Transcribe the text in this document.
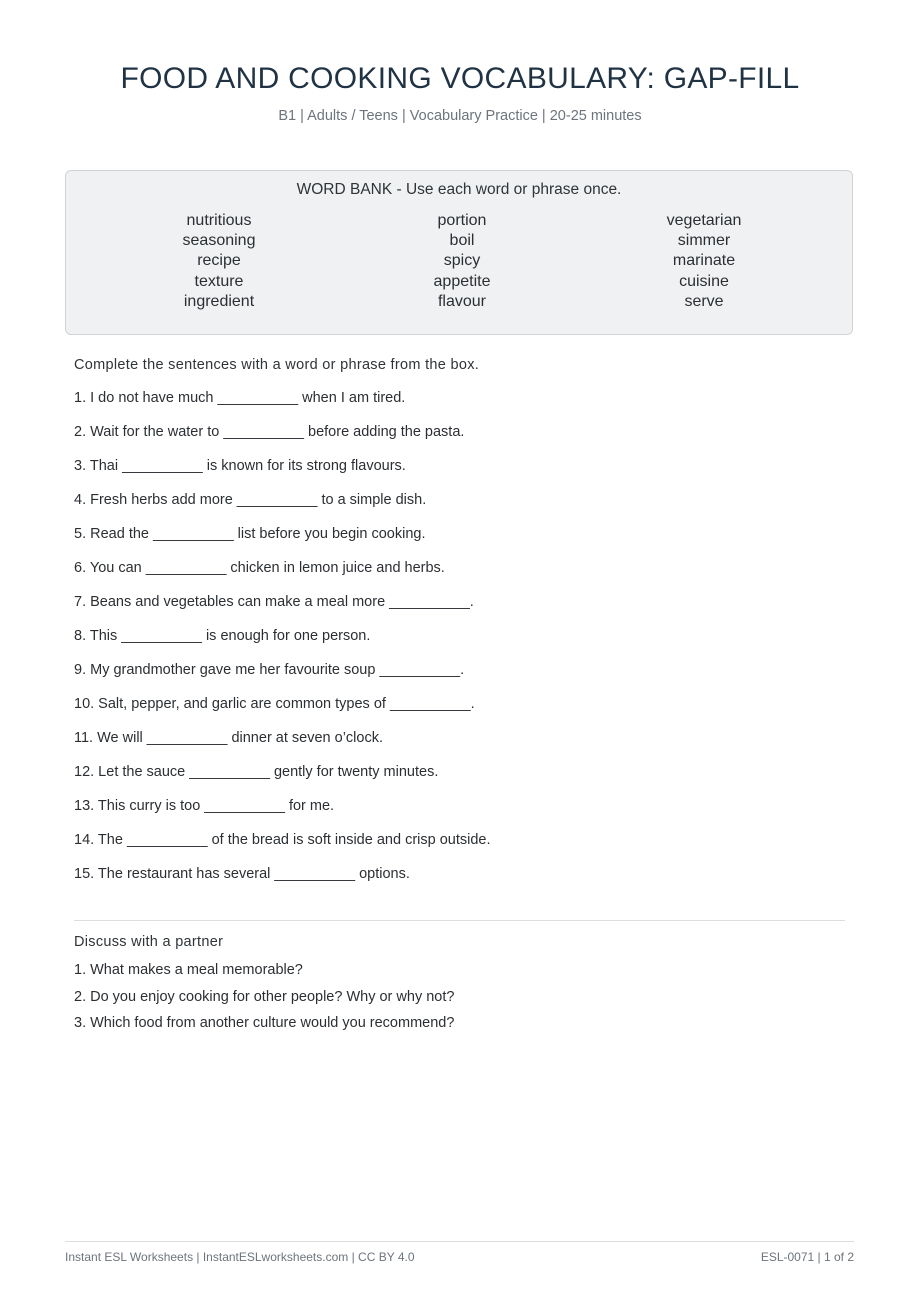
FOOD AND COOKING VOCABULARY: GAP-FILL
B1 | Adults / Teens | Vocabulary Practice | 20-25 minutes
WORD BANK - Use each word or phrase once.
nutritious
seasoning
recipe
texture
ingredient
portion
boil
spicy
appetite
flavour
vegetarian
simmer
marinate
cuisine
serve
Complete the sentences with a word or phrase from the box.
1. I do not have much __________ when I am tired.
2. Wait for the water to __________ before adding the pasta.
3. Thai __________ is known for its strong flavours.
4. Fresh herbs add more __________ to a simple dish.
5. Read the __________ list before you begin cooking.
6. You can __________ chicken in lemon juice and herbs.
7. Beans and vegetables can make a meal more __________.
8. This __________ is enough for one person.
9. My grandmother gave me her favourite soup __________.
10. Salt, pepper, and garlic are common types of __________.
11. We will __________ dinner at seven o’clock.
12. Let the sauce __________ gently for twenty minutes.
13. This curry is too __________ for me.
14. The __________ of the bread is soft inside and crisp outside.
15. The restaurant has several __________ options.
Discuss with a partner
1. What makes a meal memorable?
2. Do you enjoy cooking for other people? Why or why not?
3. Which food from another culture would you recommend?
Instant ESL Worksheets | InstantESLworksheets.com | CC BY 4.0	ESL-0071 | 1 of 2
